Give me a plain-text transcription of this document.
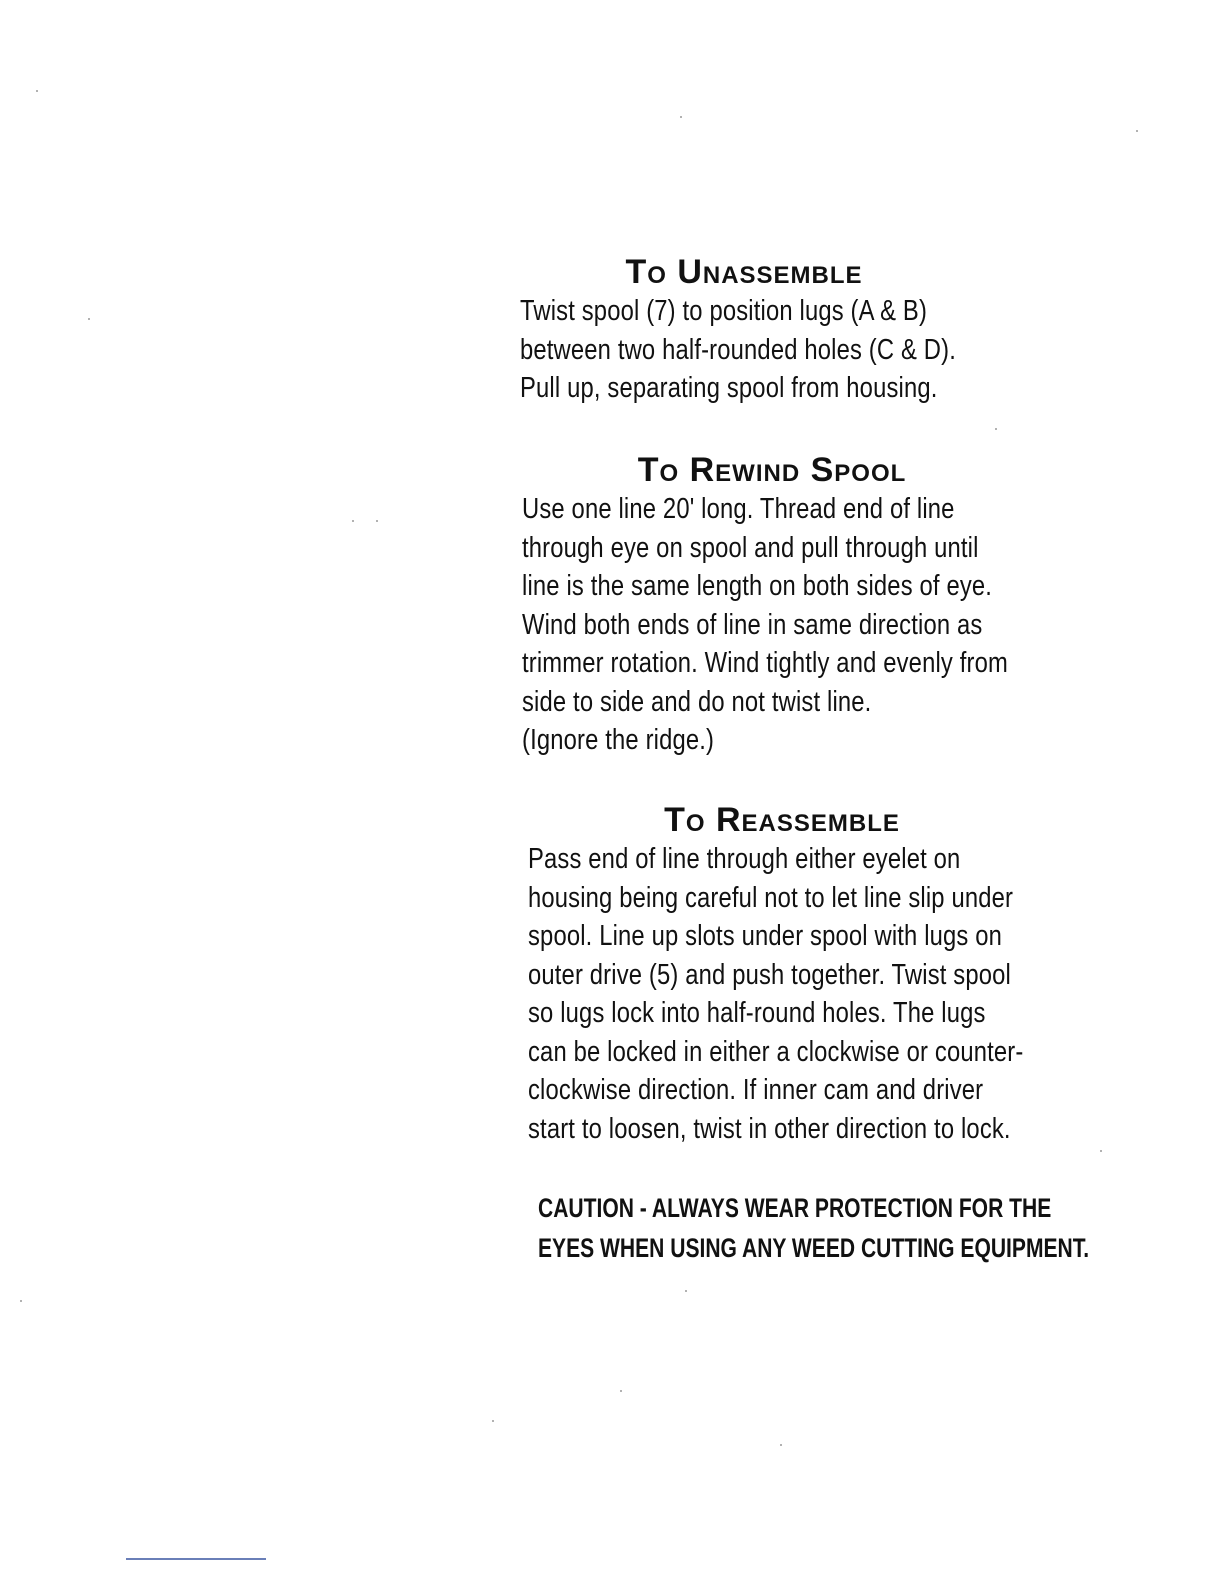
To Unassemble

Twist spool (7) to position lugs (A & B)

between two half-rounded holes (C & D).

Pull up, separating spool from housing.

To Rewind Spool

Use one line 20' long. Thread end of line

through eye on spool and pull through until

line is the same length on both sides of eye.

Wind both ends of line in same direction as

trimmer rotation. Wind tightly and evenly from

side to side and do not twist line.

(Ignore the ridge.)

To Reassemble

Pass end of line through either eyelet on

housing being careful not to let line slip under

spool. Line up slots under spool with lugs on

outer drive (5) and push together. Twist spool

so lugs lock into half-round holes. The lugs

can be locked in either a clockwise or counter-

clockwise direction. If inner cam and driver

start to loosen, twist in other direction to lock.

CAUTION - ALWAYS WEAR PROTECTION FOR THE

EYES WHEN USING ANY WEED CUTTING EQUIPMENT.
